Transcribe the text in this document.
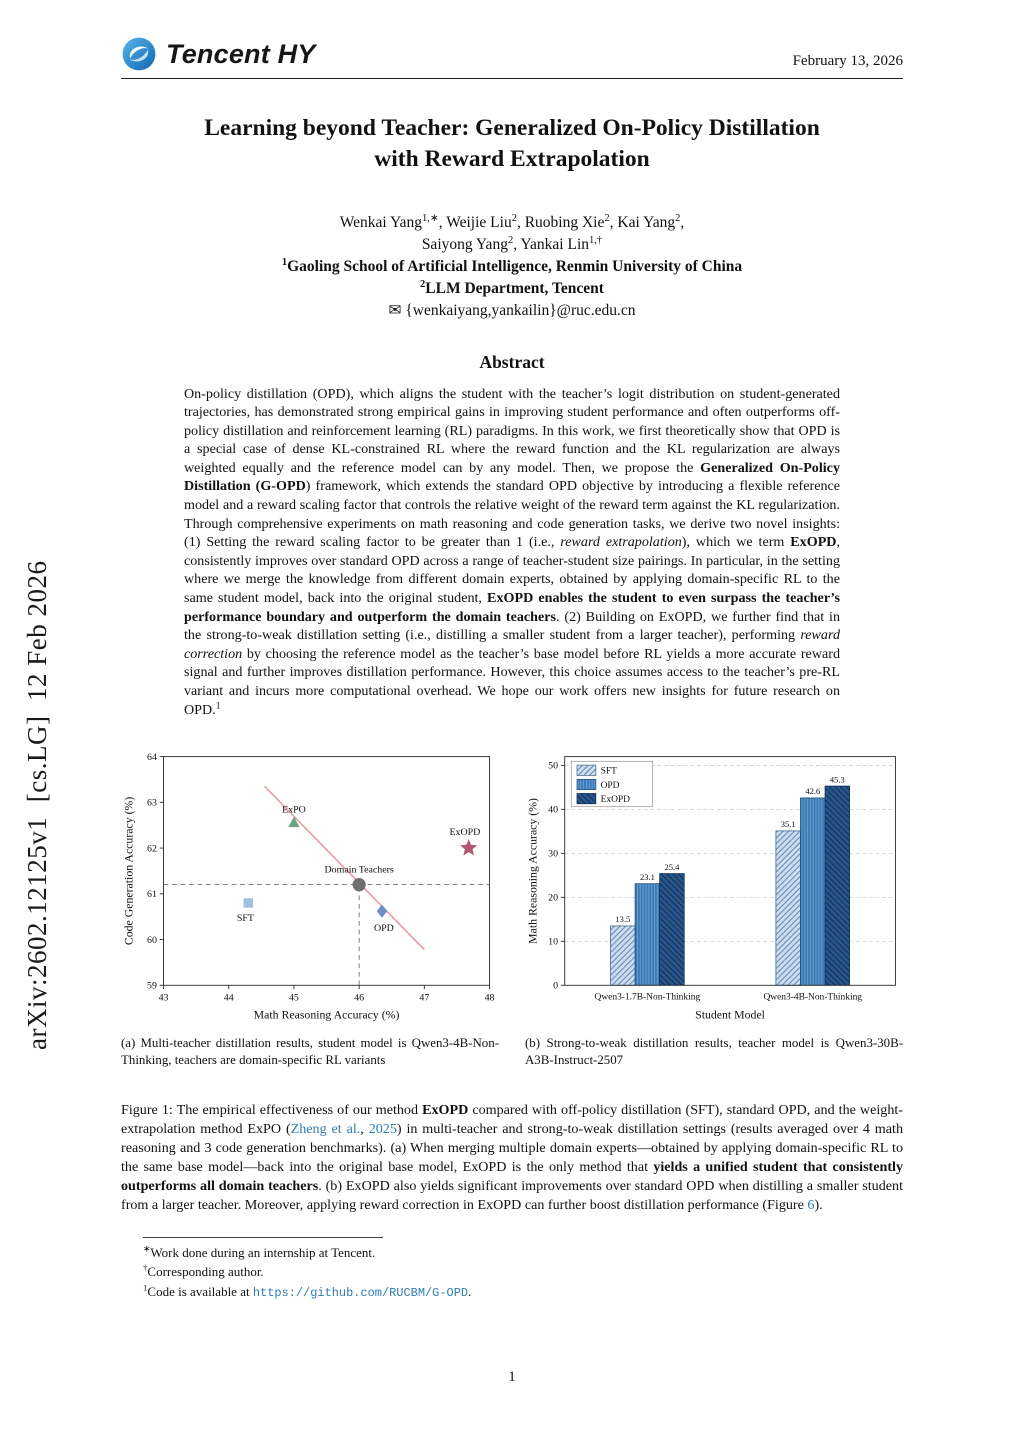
arXiv:2602.12125v1  [cs.LG]  12 Feb 2026
Tencent HY	February 13, 2026
Learning beyond Teacher: Generalized On-Policy Distillation
with Reward Extrapolation

Wenkai Yang$^{1,∗}$, Weijie Liu$^2$, Ruobing Xie$^2$, Kai Yang$^2$,

Saiyong Yang$^2$, Yankai Lin$^{1,\dagger}$

$^1$Gaoling School of Artificial Intelligence, Renmin University of China

$^2$LLM Department, Tencent

✉ {wenkaiyang,yankailin}@ruc.edu.cn

Abstract

On-policy distillation (OPD), which aligns the student with the teacher’s logit distribution on student-generated trajectories, has demonstrated strong empirical gains in improving student performance and often outperforms off-policy distillation and reinforcement learning (RL) paradigms. In this work, we first theoretically show that OPD is a special case of dense KL-constrained RL where the reward function and the KL regularization are always weighted equally and the reference model can by any model. Then, we propose the Generalized On-Policy Distillation (G-OPD) framework, which extends the standard OPD objective by introducing a flexible reference model and a reward scaling factor that controls the relative weight of the reward term against the KL regularization. Through comprehensive experiments on math reasoning and code generation tasks, we derive two novel insights: (1) Setting the reward scaling factor to be greater than 1 (i.e., reward extrapolation), which we term ExOPD, consistently improves over standard OPD across a range of teacher-student size pairings. In particular, in the setting where we merge the knowledge from different domain experts, obtained by applying domain-specific RL to the same student model, back into the original student, ExOPD enables the student to even surpass the teacher’s performance boundary and outperform the domain teachers. (2) Building on ExOPD, we further find that in the strong-to-weak distillation setting (i.e., distilling a smaller student from a larger teacher), performing reward correction by choosing the reference model as the teacher’s base model before RL yields a more accurate reward signal and further improves distillation performance. However, this choice assumes access to the teacher’s pre-RL variant and incurs more computational overhead. We hope our work offers new insights for future research on OPD.$^1$

43	44	45	46	47	48
59
60
61
62
63
64
Math Reasoning Accuracy (%)
Code Generation Accuracy (%)	SFT
ExPO
Domain Teachers
OPD
ExOPD

(a) Multi-teacher distillation results, student model is Qwen3-4B-Non-Thinking, teachers are domain-specific RL variants

13.5
23.1
25.4
Qwen3-1.7B-Non-Thinking
35.1
42.6
45.3
Qwen3-4B-Non-Thinking
0
10
20
30
40
50
Student Model
Math Reasoning Accuracy (%)
SFT
OPD
ExOPD

(b) Strong-to-weak distillation results, teacher model is Qwen3-30B-A3B-Instruct-2507

Figure 1: The empirical effectiveness of our method ExOPD compared with off-policy distillation (SFT), standard OPD, and the weight-extrapolation method ExPO (Zheng et al., 2025) in multi-teacher and strong-to-weak distillation settings (results averaged over 4 math reasoning and 3 code generation benchmarks). (a) When merging multiple domain experts—obtained by applying domain-specific RL to the same base model—back into the original base model, ExOPD is the only method that yields a unified student that consistently outperforms all domain teachers. (b) ExOPD also yields significant improvements over standard OPD when distilling a smaller student from a larger teacher. Moreover, applying reward correction in ExOPD can further boost distillation performance (Figure 6).

∗Work done during an internship at Tencent.

†Corresponding author.

$^1$Code is available at https://github.com/RUCBM/G-OPD.

1
